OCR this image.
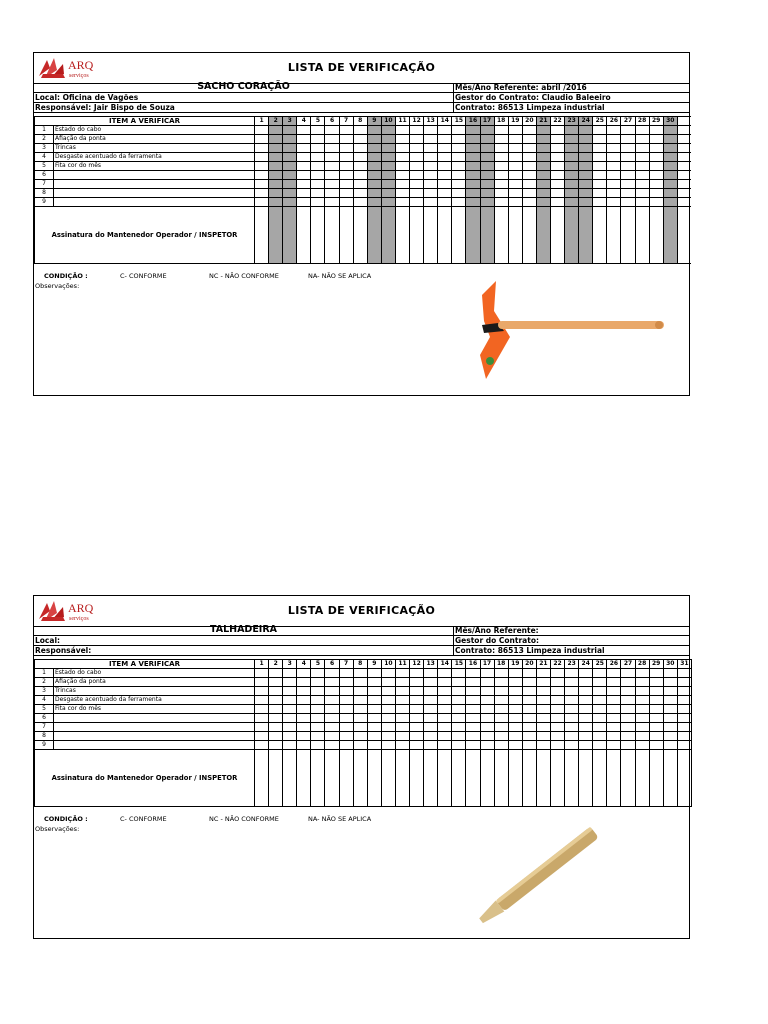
ARQ
serviços
LISTA DE VERIFICAÇÃO
SACHO CORAÇÃO	Mês/Ano Referente: abril /2016
Local: Oficina de Vagões	Gestor do Contrato: Claudio Baleeiro
Responsável: Jair Bispo de Souza	Contrato: 86513 Limpeza industrial
ITEM A VERIFICAR		1	2	3	4	5	6	7	8	9	10	11	12	13	14	15	16	17	18	19	20	21	22	23	24	25	26	27	28	29	30	
1	Estado do cabo																															
2	Afiação da ponta																															
3	Trincas																															
4	Desgaste acentuado da ferramenta																															
5	Fita cor do mês																															
6																																
7																																
8																																
9																																
Assinatura do Mantenedor Operador / INSPETOR																																
CONDIÇÃO :	C- CONFORME	NC - NÃO CONFORME	NA- NÃO SE APLICA
Observações:
ARQ
serviços
LISTA DE VERIFICAÇÃO
TALHADEIRA	Mês/Ano Referente:
Local:	Gestor do Contrato:
Responsável:	Contrato: 86513 Limpeza industrial
ITEM A VERIFICAR		1	2	3	4	5	6	7	8	9	10	11	12	13	14	15	16	17	18	19	20	21	22	23	24	25	26	27	28	29	30	31
1	Estado do cabo																															
2	Afiação da ponta																															
3	Trincas																															
4	Desgaste acentuado da ferramenta																															
5	Fita cor do mês																															
6																																
7																																
8																																
9																																
Assinatura do Mantenedor Operador / INSPETOR																																
CONDIÇÃO :	C- CONFORME	NC - NÃO CONFORME	NA- NÃO SE APLICA
Observações:
